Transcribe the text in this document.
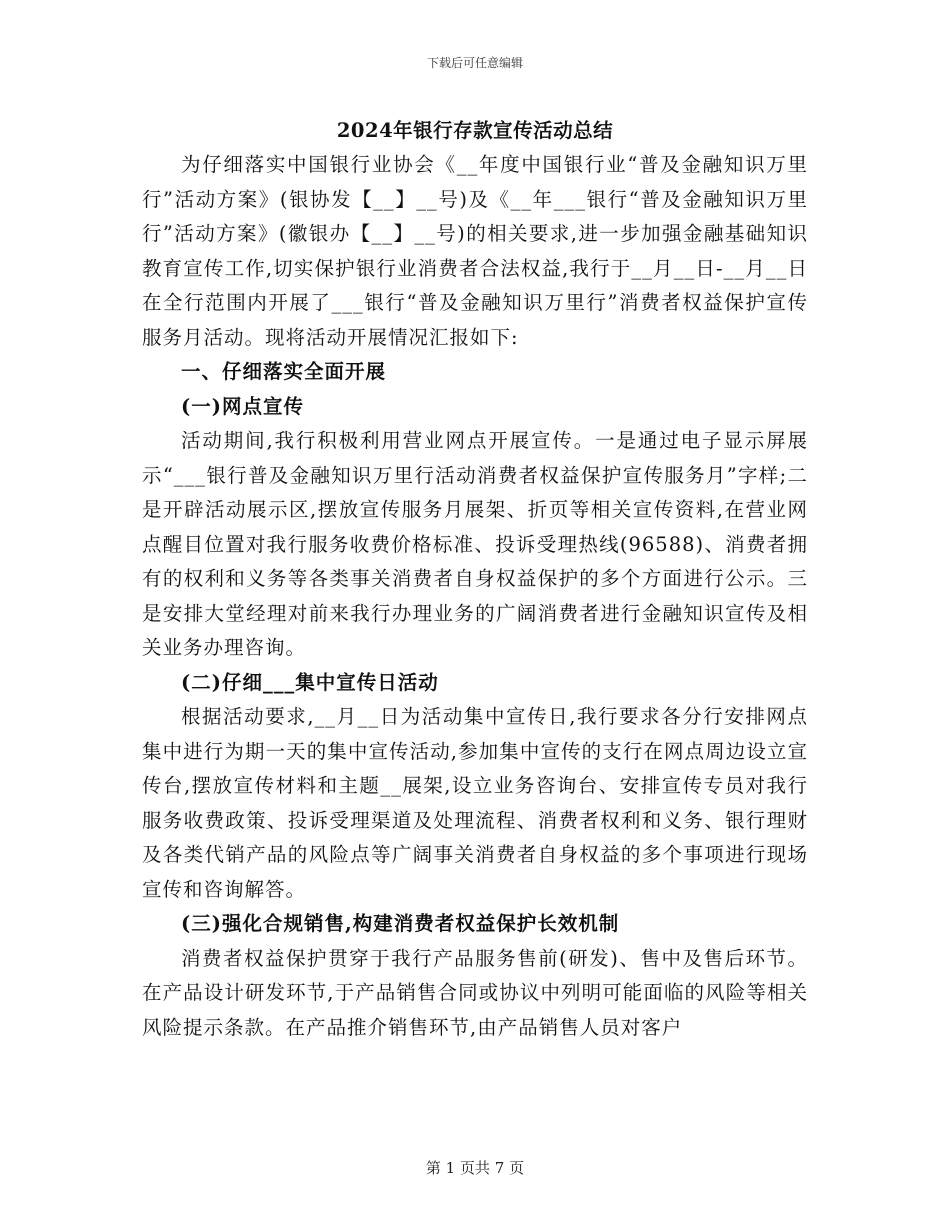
下载后可任意编辑
2024年银行存款宣传活动总结

为仔细落实中国银行业协会《__年度中国银行业“普及金融知识万里行”活动方案》(银协发【__】__号)及《__年___银行“普及金融知识万里行”活动方案》(徽银办【__】__号)的相关要求,进一步加强金融基础知识教育宣传工作,切实保护银行业消费者合法权益,我行于__月__日-__月__日在全行范围内开展了___银行“普及金融知识万里行”消费者权益保护宣传服务月活动。现将活动开展情况汇报如下:

一、仔细落实全面开展

(一)网点宣传

活动期间,我行积极利用营业网点开展宣传。一是通过电子显示屏展示“___银行普及金融知识万里行活动消费者权益保护宣传服务月”字样;二是开辟活动展示区,摆放宣传服务月展架、折页等相关宣传资料,在营业网点醒目位置对我行服务收费价格标准、投诉受理热线(96588)、消费者拥有的权利和义务等各类事关消费者自身权益保护的多个方面进行公示。三是安排大堂经理对前来我行办理业务的广阔消费者进行金融知识宣传及相关业务办理咨询。

(二)仔细___集中宣传日活动

根据活动要求,__月__日为活动集中宣传日,我行要求各分行安排网点集中进行为期一天的集中宣传活动,参加集中宣传的支行在网点周边设立宣传台,摆放宣传材料和主题__展架,设立业务咨询台、安排宣传专员对我行服务收费政策、投诉受理渠道及处理流程、消费者权利和义务、银行理财及各类代销产品的风险点等广阔事关消费者自身权益的多个事项进行现场宣传和咨询解答。

(三)强化合规销售,构建消费者权益保护长效机制

消费者权益保护贯穿于我行产品服务售前(研发)、售中及售后环节。在产品设计研发环节,于产品销售合同或协议中列明可能面临的风险等相关风险提示条款。在产品推介销售环节,由产品销售人员对客户

第 1 页共 7 页
